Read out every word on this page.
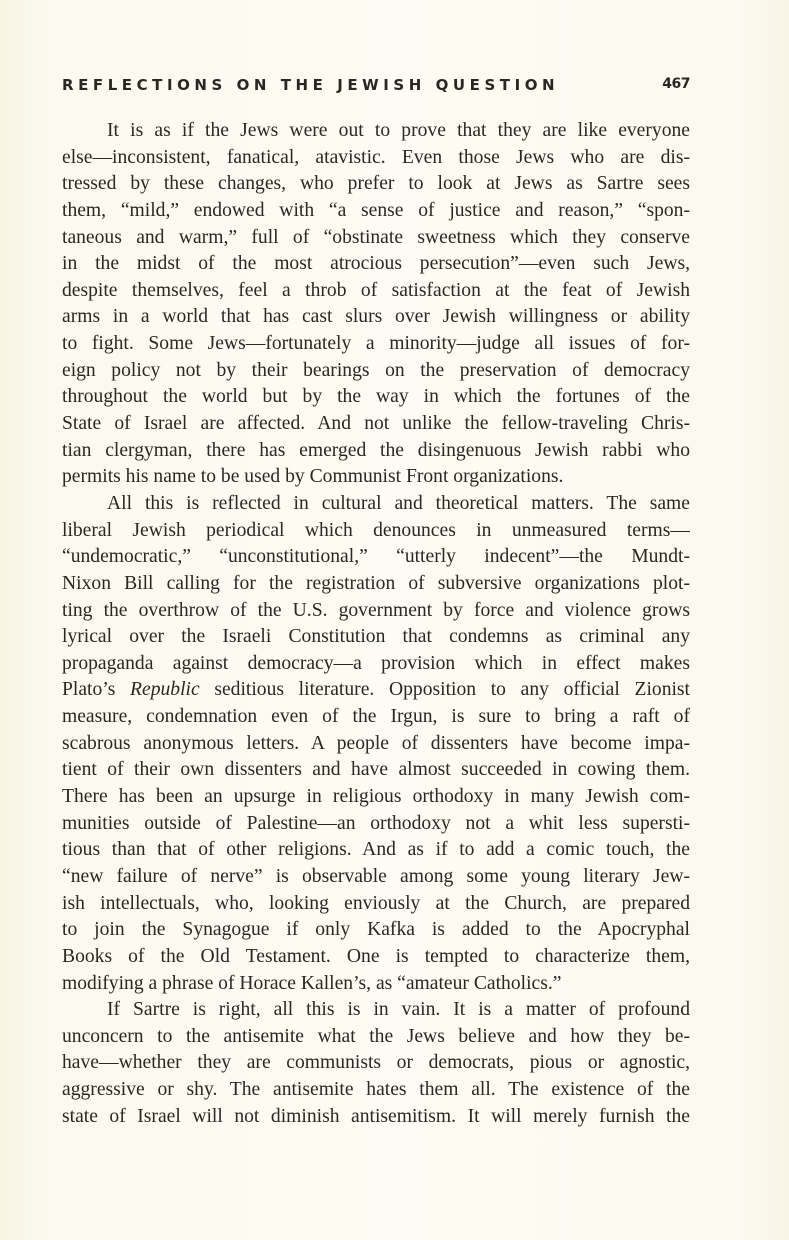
REFLECTIONS ON THE JEWISH QUESTION	467
It is as if the Jews were out to prove that they are like everyone
else—inconsistent, fanatical, atavistic. Even those Jews who are dis-
tressed by these changes, who prefer to look at Jews as Sartre sees
them, “mild,” endowed with “a sense of justice and reason,” “spon-
taneous and warm,” full of “obstinate sweetness which they conserve
in the midst of the most atrocious persecution”—even such Jews,
despite themselves, feel a throb of satisfaction at the feat of Jewish
arms in a world that has cast slurs over Jewish willingness or ability
to fight. Some Jews—fortunately a minority—judge all issues of for-
eign policy not by their bearings on the preservation of democracy
throughout the world but by the way in which the fortunes of the
State of Israel are affected. And not unlike the fellow-traveling Chris-
tian clergyman, there has emerged the disingenuous Jewish rabbi who
permits his name to be used by Communist Front organizations.
All this is reflected in cultural and theoretical matters. The same
liberal Jewish periodical which denounces in unmeasured terms—
“undemocratic,” “unconstitutional,” “utterly indecent”—the Mundt-
Nixon Bill calling for the registration of subversive organizations plot-
ting the overthrow of the U.S. government by force and violence grows
lyrical over the Israeli Constitution that condemns as criminal any
propaganda against democracy—a provision which in effect makes
Plato’s Republic seditious literature. Opposition to any official Zionist
measure, condemnation even of the Irgun, is sure to bring a raft of
scabrous anonymous letters. A people of dissenters have become impa-
tient of their own dissenters and have almost succeeded in cowing them.
There has been an upsurge in religious orthodoxy in many Jewish com-
munities outside of Palestine—an orthodoxy not a whit less supersti-
tious than that of other religions. And as if to add a comic touch, the
“new failure of nerve” is observable among some young literary Jew-
ish intellectuals, who, looking enviously at the Church, are prepared
to join the Synagogue if only Kafka is added to the Apocryphal
Books of the Old Testament. One is tempted to characterize them,
modifying a phrase of Horace Kallen’s, as “amateur Catholics.”
If Sartre is right, all this is in vain. It is a matter of profound
unconcern to the antisemite what the Jews believe and how they be-
have—whether they are communists or democrats, pious or agnostic,
aggressive or shy. The antisemite hates them all. The existence of the
state of Israel will not diminish antisemitism. It will merely furnish the
